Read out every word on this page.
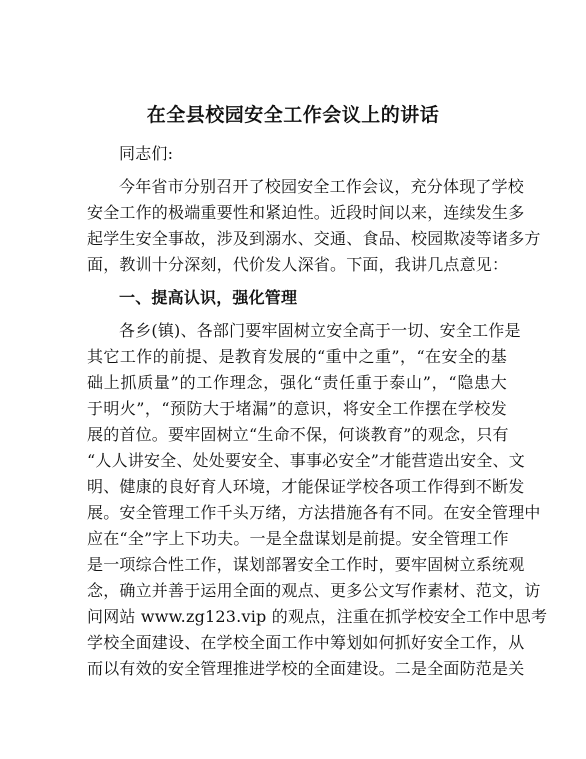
在全县校园安全工作会议上的讲话
同志们:
今年省市分别召开了校园安全工作会议，充分体现了学校
安全工作的极端重要性和紧迫性。近段时间以来，连续发生多
起学生安全事故，涉及到溺水、交通、食品、校园欺凌等诸多方
面，教训十分深刻，代价发人深省。下面，我讲几点意见：
一、提高认识，强化管理
各乡(镇)、各部门要牢固树立安全高于一切、安全工作是
其它工作的前提、是教育发展的“重中之重”，“在安全的基
础上抓质量”的工作理念，强化“责任重于泰山”，“隐患大
于明火”，“预防大于堵漏”的意识，将安全工作摆在学校发
展的首位。要牢固树立“生命不保，何谈教育”的观念，只有
“人人讲安全、处处要安全、事事必安全”才能营造出安全、文
明、健康的良好育人环境，才能保证学校各项工作得到不断发
展。安全管理工作千头万绪，方法措施各有不同。在安全管理中
应在“全”字上下功夫。一是全盘谋划是前提。安全管理工作
是一项综合性工作，谋划部署安全工作时，要牢固树立系统观
念，确立并善于运用全面的观点、更多公文写作素材、范文，访
问网站 www.zg123.vip 的观点，注重在抓学校安全工作中思考
学校全面建设、在学校全面工作中筹划如何抓好安全工作，从
而以有效的安全管理推进学校的全面建设。二是全面防范是关
